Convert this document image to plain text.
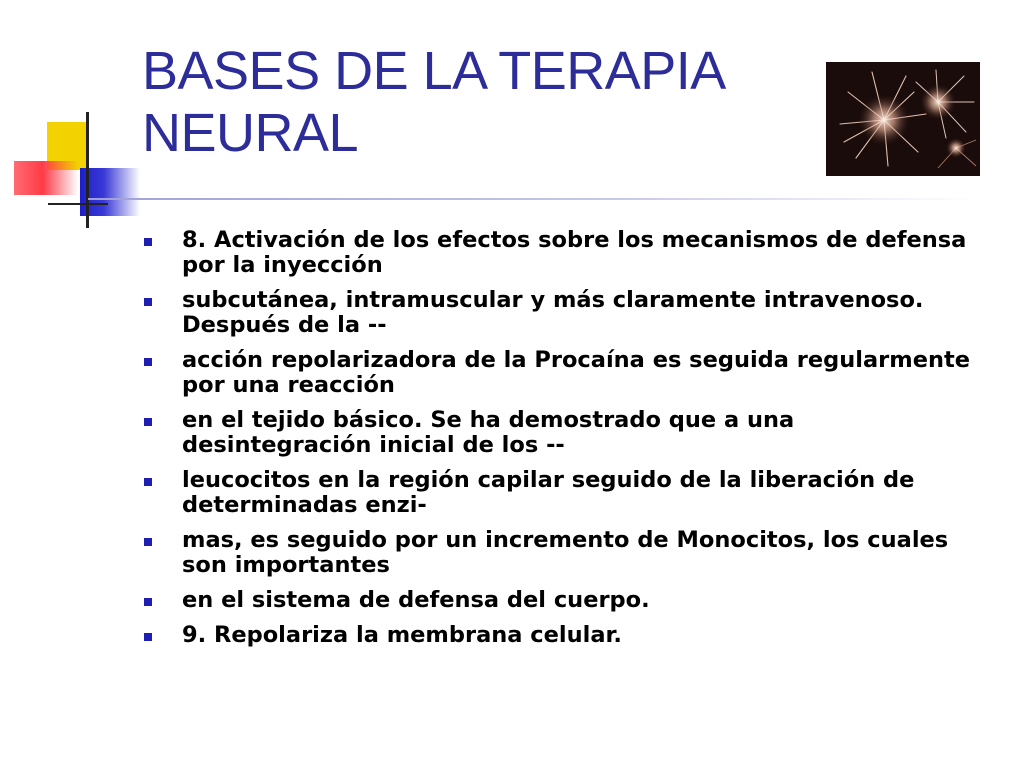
BASES DE LA TERAPIA
NEURAL
8. Activación de los efectos sobre los mecanismos de defensa por la inyección
subcutánea, intramuscular y más claramente intravenoso. Después de la --
acción repolarizadora de la Procaína es seguida regularmente por una reacción
en el tejido básico. Se ha demostrado que a una desintegración inicial de los --
leucocitos en la región capilar seguido de la liberación de determinadas enzi-
mas, es seguido por un incremento de Monocitos, los cuales son importantes
en el sistema de defensa del cuerpo.
9. Repolariza la membrana celular.
